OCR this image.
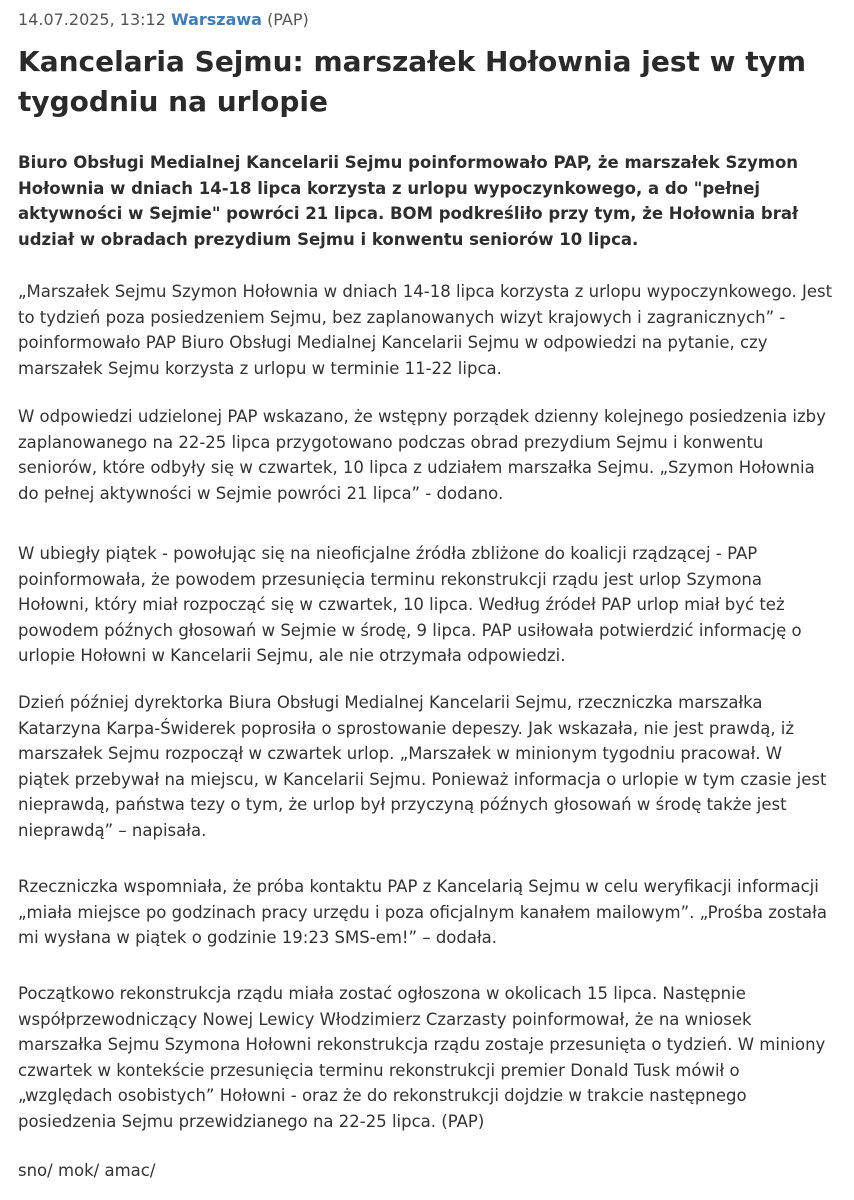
14.07.2025, 13:12 Warszawa (PAP)
Kancelaria Sejmu: marszałek Hołownia jest w tym tygodniu na urlopie

Biuro Obsługi Medialnej Kancelarii Sejmu poinformowało PAP, że marszałek Szymon Hołownia w dniach 14-18 lipca korzysta z urlopu wypoczynkowego, a do "pełnej aktywności w Sejmie" powróci 21 lipca. BOM podkreśliło przy tym, że Hołownia brał udział w obradach prezydium Sejmu i konwentu seniorów 10 lipca.

„Marszałek Sejmu Szymon Hołownia w dniach 14-18 lipca korzysta z urlopu wypoczynkowego. Jest to tydzień poza posiedzeniem Sejmu, bez zaplanowanych wizyt krajowych i zagranicznych” - poinformowało PAP Biuro Obsługi Medialnej Kancelarii Sejmu w odpowiedzi na pytanie, czy marszałek Sejmu korzysta z urlopu w terminie 11-22 lipca.

W odpowiedzi udzielonej PAP wskazano, że wstępny porządek dzienny kolejnego posiedzenia izby zaplanowanego na 22-25 lipca przygotowano podczas obrad prezydium Sejmu i konwentu seniorów, które odbyły się w czwartek, 10 lipca z udziałem marszałka Sejmu. „Szymon Hołownia do pełnej aktywności w Sejmie powróci 21 lipca” - dodano.

W ubiegły piątek - powołując się na nieoficjalne źródła zbliżone do koalicji rządzącej - PAP poinformowała, że powodem przesunięcia terminu rekonstrukcji rządu jest urlop Szymona Hołowni, który miał rozpocząć się w czwartek, 10 lipca. Według źródeł PAP urlop miał być też powodem późnych głosowań w Sejmie w środę, 9 lipca. PAP usiłowała potwierdzić informację o urlopie Hołowni w Kancelarii Sejmu, ale nie otrzymała odpowiedzi.

Dzień później dyrektorka Biura Obsługi Medialnej Kancelarii Sejmu, rzeczniczka marszałka Katarzyna Karpa-Świderek poprosiła o sprostowanie depeszy. Jak wskazała, nie jest prawdą, iż marszałek Sejmu rozpoczął w czwartek urlop. „Marszałek w minionym tygodniu pracował. W piątek przebywał na miejscu, w Kancelarii Sejmu. Ponieważ informacja o urlopie w tym czasie jest nieprawdą, państwa tezy o tym, że urlop był przyczyną późnych głosowań w środę także jest nieprawdą” – napisała.

Rzeczniczka wspomniała, że próba kontaktu PAP z Kancelarią Sejmu w celu weryfikacji informacji „miała miejsce po godzinach pracy urzędu i poza oficjalnym kanałem mailowym”. „Prośba została mi wysłana w piątek o godzinie 19:23 SMS-em!” – dodała.

Początkowo rekonstrukcja rządu miała zostać ogłoszona w okolicach 15 lipca. Następnie współprzewodniczący Nowej Lewicy Włodzimierz Czarzasty poinformował, że na wniosek marszałka Sejmu Szymona Hołowni rekonstrukcja rządu zostaje przesunięta o tydzień. W miniony czwartek w kontekście przesunięcia terminu rekonstrukcji premier Donald Tusk mówił o „względach osobistych” Hołowni - oraz że do rekonstrukcji dojdzie w trakcie następnego posiedzenia Sejmu przewidzianego na 22-25 lipca. (PAP)

sno/ mok/ amac/
